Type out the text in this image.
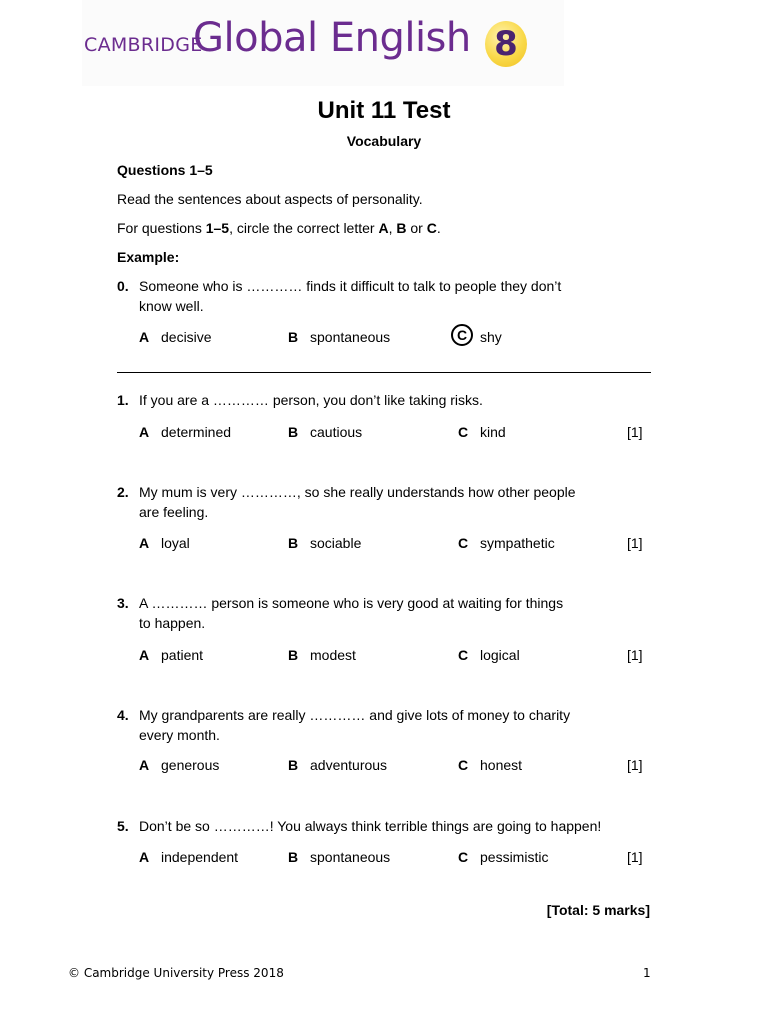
CAMBRIDGE
Global English 8
Unit 11 Test
Vocabulary
Questions 1–5
Read the sentences about aspects of personality.
For questions 1–5, circle the correct letter A, B or C.
Example:
0. Someone who is ………… finds it difficult to talk to people they don’t
know well.
A decisive	B spontaneous	C shy
1. If you are a ………… person, you don’t like taking risks.
A determined	B cautious	C kind	[1]
2. My mum is very …………, so she really understands how other people
are feeling.
A loyal	B sociable	C sympathetic	[1]
3. A ………… person is someone who is very good at waiting for things
to happen.
A patient	B modest	C logical	[1]
4. My grandparents are really ………… and give lots of money to charity
every month.
A generous	B adventurous	C honest	[1]
5. Don’t be so …………! You always think terrible things are going to happen!
A independent	B spontaneous	C pessimistic	[1]
[Total: 5 marks]
© Cambridge University Press 2018	1
